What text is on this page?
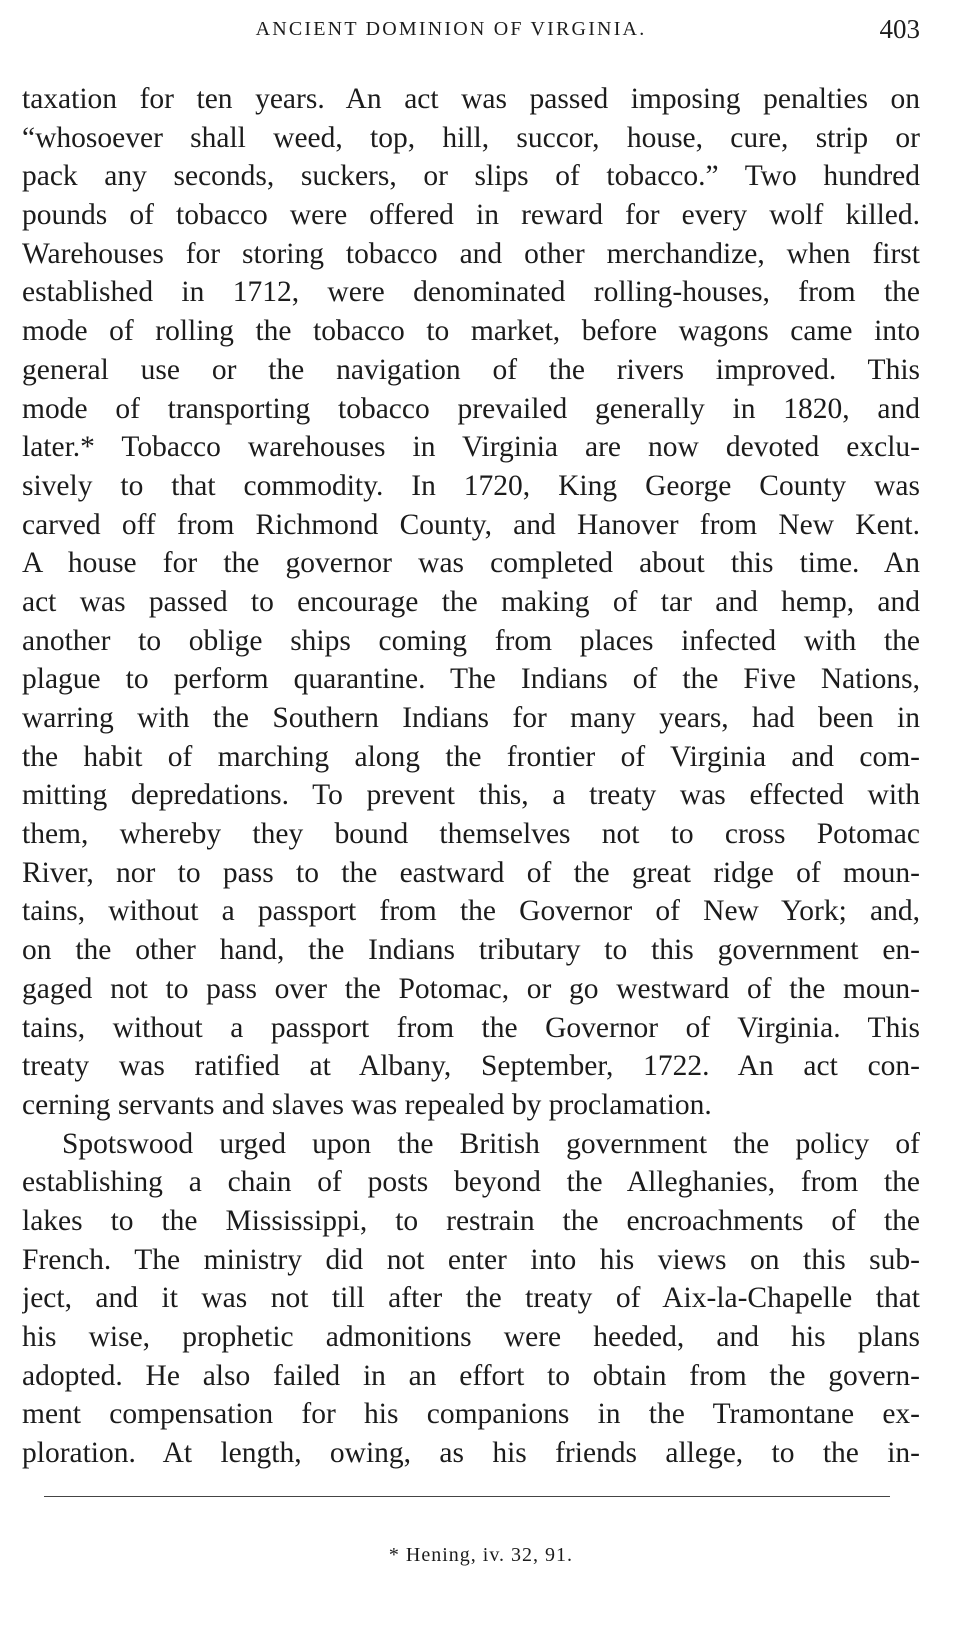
ANCIENT DOMINION OF VIRGINIA.	403
taxation for ten years. An act was passed imposing penalties on
“whosoever shall weed, top, hill, succor, house, cure, strip or
pack any seconds, suckers, or slips of tobacco.” Two hundred
pounds of tobacco were offered in reward for every wolf killed.
Warehouses for storing tobacco and other merchandize, when first
established in 1712, were denominated rolling-houses, from the
mode of rolling the tobacco to market, before wagons came into
general use or the navigation of the rivers improved. This
mode of transporting tobacco prevailed generally in 1820, and
later.* Tobacco warehouses in Virginia are now devoted exclu-
sively to that commodity. In 1720, King George County was
carved off from Richmond County, and Hanover from New Kent.
A house for the governor was completed about this time. An
act was passed to encourage the making of tar and hemp, and
another to oblige ships coming from places infected with the
plague to perform quarantine. The Indians of the Five Nations,
warring with the Southern Indians for many years, had been in
the habit of marching along the frontier of Virginia and com-
mitting depredations. To prevent this, a treaty was effected with
them, whereby they bound themselves not to cross Potomac
River, nor to pass to the eastward of the great ridge of moun-
tains, without a passport from the Governor of New York; and,
on the other hand, the Indians tributary to this government en-
gaged not to pass over the Potomac, or go westward of the moun-
tains, without a passport from the Governor of Virginia. This
treaty was ratified at Albany, September, 1722. An act con-
cerning servants and slaves was repealed by proclamation.
Spotswood urged upon the British government the policy of
establishing a chain of posts beyond the Alleghanies, from the
lakes to the Mississippi, to restrain the encroachments of the
French. The ministry did not enter into his views on this sub-
ject, and it was not till after the treaty of Aix-la-Chapelle that
his wise, prophetic admonitions were heeded, and his plans
adopted. He also failed in an effort to obtain from the govern-
ment compensation for his companions in the Tramontane ex-
ploration. At length, owing, as his friends allege, to the in-
* Hening, iv. 32, 91.
